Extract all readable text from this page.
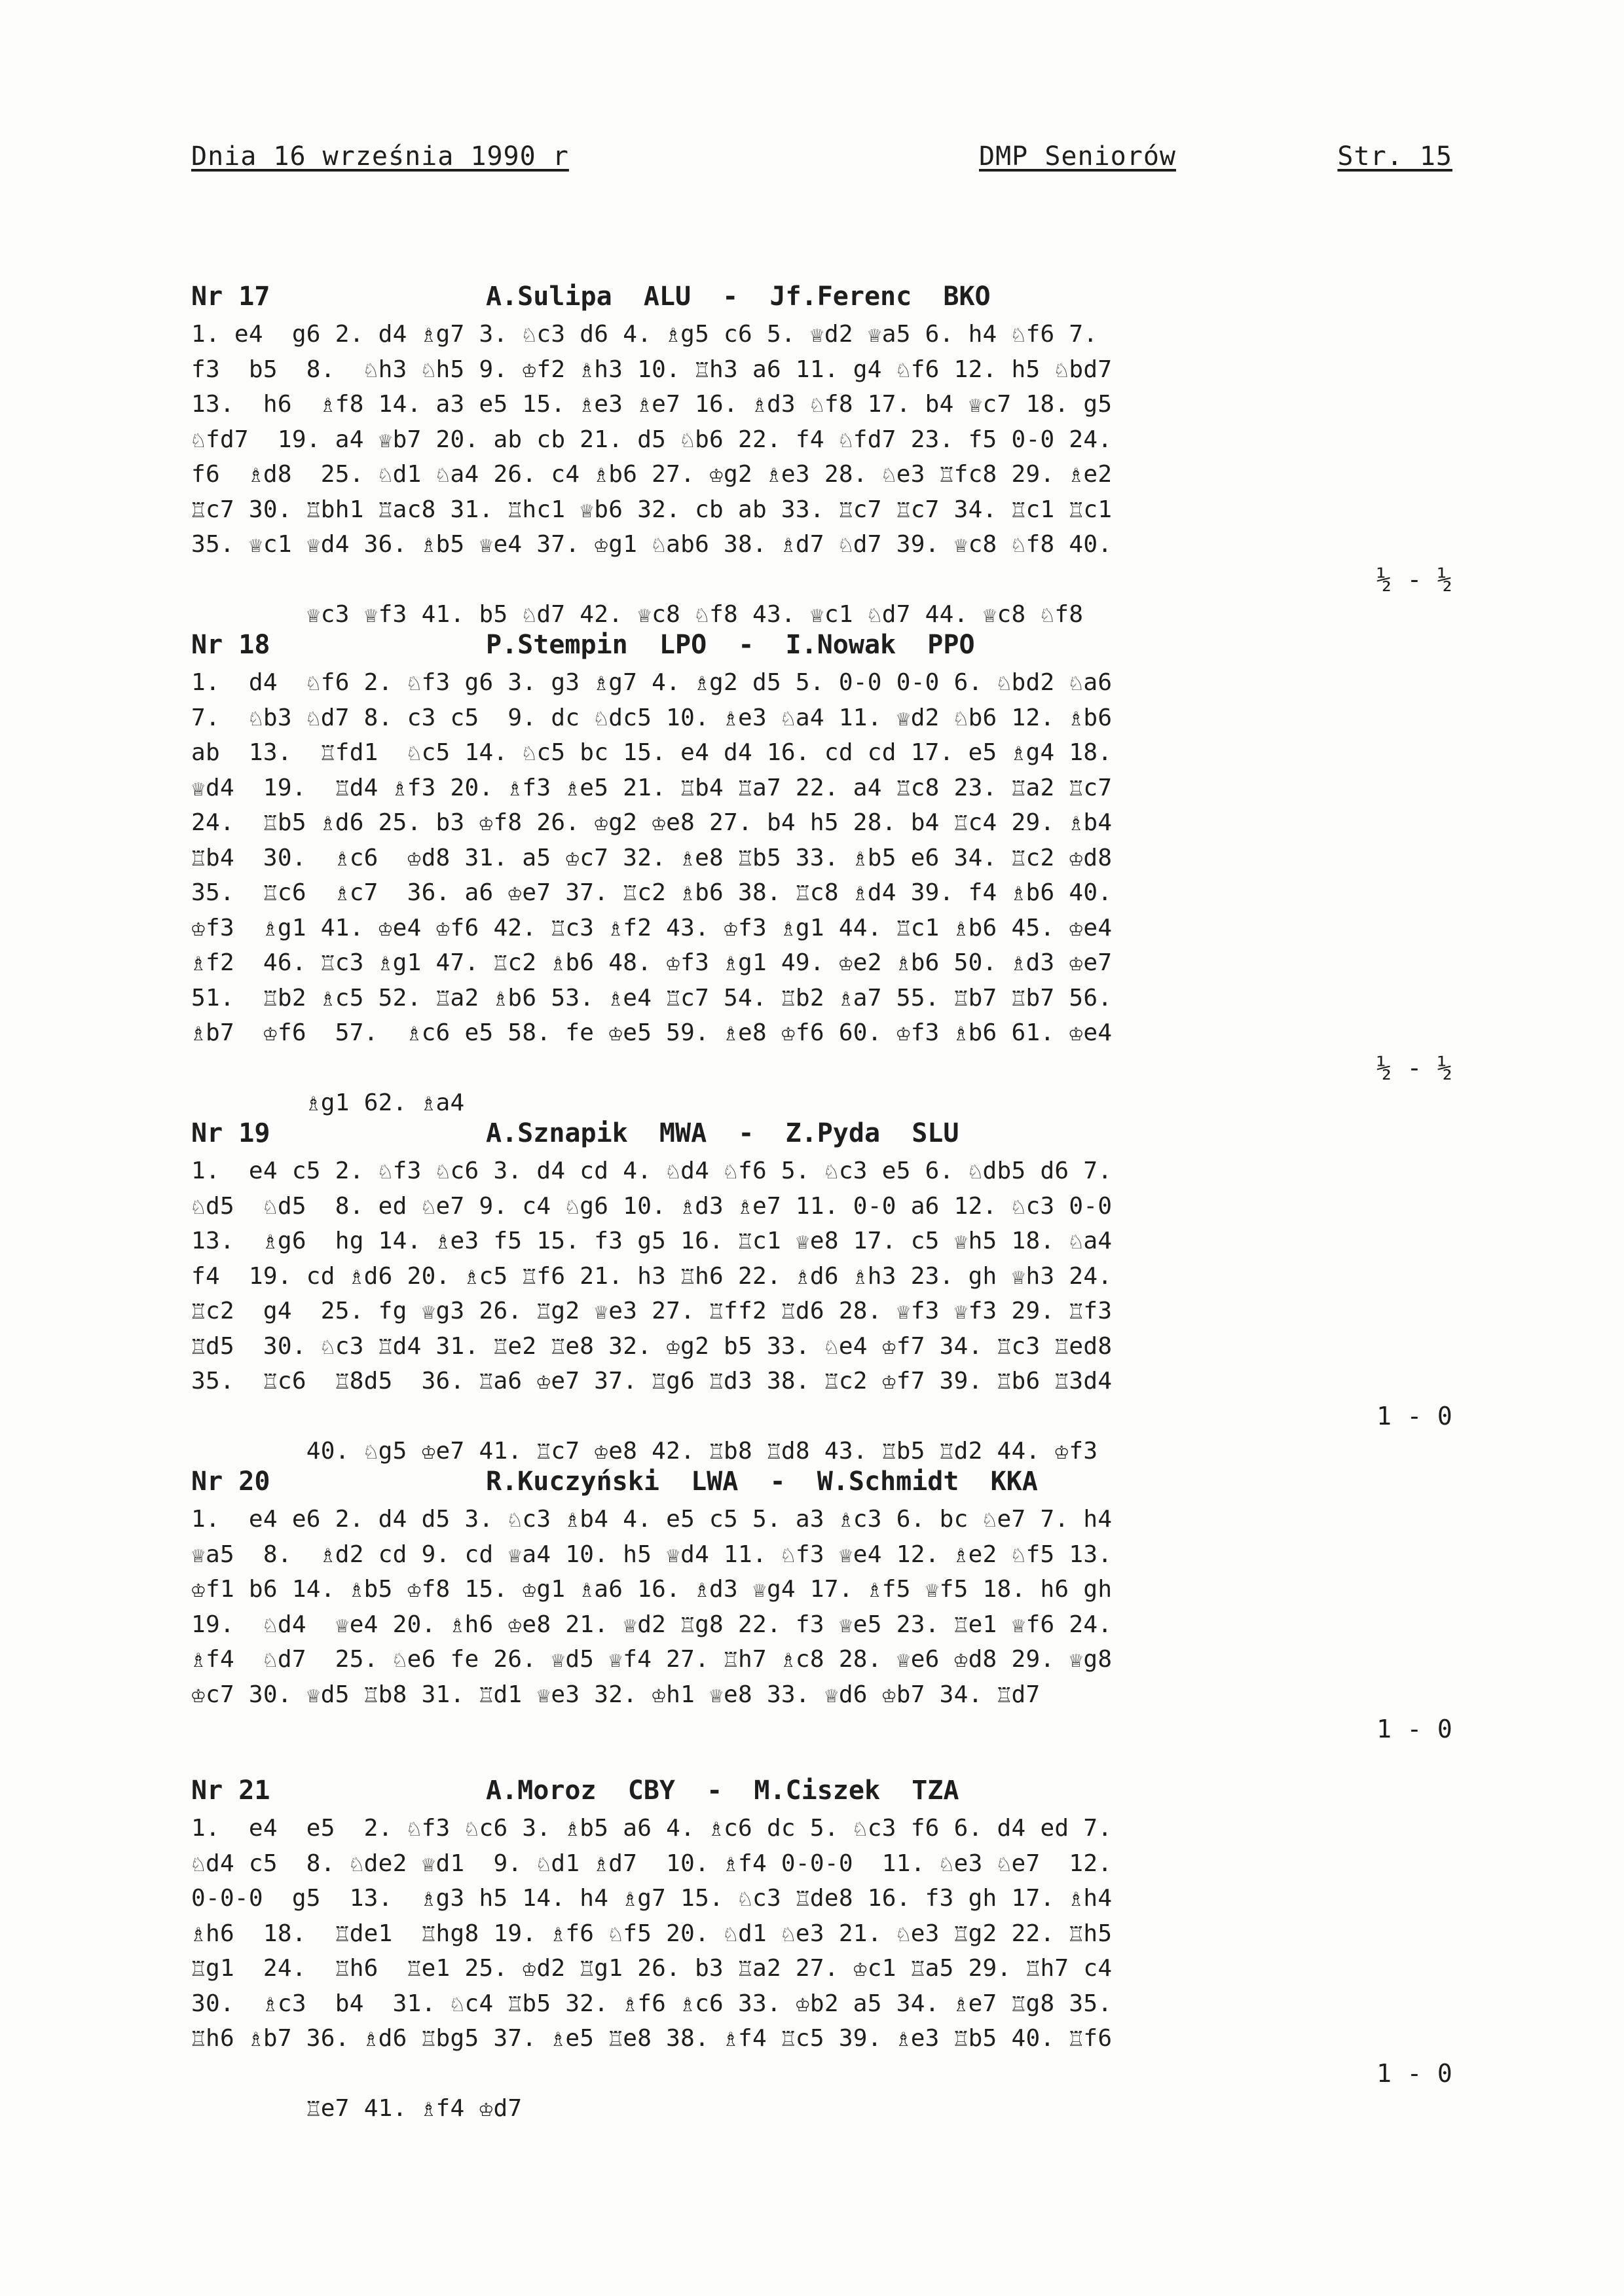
Dnia 16 września 1990 r	DMP Seniorów	Str. 15
Nr 17	A.Sulipa  ALU  -  Jf.Ferenc  BKO
1. e4  g6 2. d4 ♗g7 3. ♘c3 d6 4. ♗g5 c6 5. ♕d2 ♕a5 6. h4 ♘f6 7.
f3  b5  8.  ♘h3 ♘h5 9. ♔f2 ♗h3 10. ♖h3 a6 11. g4 ♘f6 12. h5 ♘bd7
13.  h6  ♗f8 14. a3 e5 15. ♗e3 ♗e7 16. ♗d3 ♘f8 17. b4 ♕c7 18. g5
♘fd7  19. a4 ♕b7 20. ab cb 21. d5 ♘b6 22. f4 ♘fd7 23. f5 0-0 24.
f6  ♗d8  25. ♘d1 ♘a4 26. c4 ♗b6 27. ♔g2 ♗e3 28. ♘e3 ♖fc8 29. ♗e2
♖c7 30. ♖bh1 ♖ac8 31. ♖hc1 ♕b6 32. cb ab 33. ♖c7 ♖c7 34. ♖c1 ♖c1
35. ♕c1 ♕d4 36. ♗b5 ♕e4 37. ♔g1 ♘ab6 38. ♗d7 ♘d7 39. ♕c8 ♘f8 40.

♕c3 ♕f3 41. b5 ♘d7 42. ♕c8 ♘f8 43. ♕c1 ♘d7 44. ♕c8 ♘f8

½ - ½

Nr 18	P.Stempin  LPO  -  I.Nowak  PPO
1.  d4  ♘f6 2. ♘f3 g6 3. g3 ♗g7 4. ♗g2 d5 5. 0-0 0-0 6. ♘bd2 ♘a6
7.  ♘b3 ♘d7 8. c3 c5  9. dc ♘dc5 10. ♗e3 ♘a4 11. ♕d2 ♘b6 12. ♗b6
ab  13.  ♖fd1  ♘c5 14. ♘c5 bc 15. e4 d4 16. cd cd 17. e5 ♗g4 18.
♕d4  19.  ♖d4 ♗f3 20. ♗f3 ♗e5 21. ♖b4 ♖a7 22. a4 ♖c8 23. ♖a2 ♖c7
24.  ♖b5 ♗d6 25. b3 ♔f8 26. ♔g2 ♔e8 27. b4 h5 28. b4 ♖c4 29. ♗b4
♖b4  30.  ♗c6  ♔d8 31. a5 ♔c7 32. ♗e8 ♖b5 33. ♗b5 e6 34. ♖c2 ♔d8
35.  ♖c6  ♗c7  36. a6 ♔e7 37. ♖c2 ♗b6 38. ♖c8 ♗d4 39. f4 ♗b6 40.
♔f3  ♗g1 41. ♔e4 ♔f6 42. ♖c3 ♗f2 43. ♔f3 ♗g1 44. ♖c1 ♗b6 45. ♔e4
♗f2  46. ♖c3 ♗g1 47. ♖c2 ♗b6 48. ♔f3 ♗g1 49. ♔e2 ♗b6 50. ♗d3 ♔e7
51.  ♖b2 ♗c5 52. ♖a2 ♗b6 53. ♗e4 ♖c7 54. ♖b2 ♗a7 55. ♖b7 ♖b7 56.
♗b7  ♔f6  57.  ♗c6 e5 58. fe ♔e5 59. ♗e8 ♔f6 60. ♔f3 ♗b6 61. ♔e4

♗g1 62. ♗a4

½ - ½

Nr 19	A.Sznapik  MWA  -  Z.Pyda  SLU
1.  e4 c5 2. ♘f3 ♘c6 3. d4 cd 4. ♘d4 ♘f6 5. ♘c3 e5 6. ♘db5 d6 7.
♘d5  ♘d5  8. ed ♘e7 9. c4 ♘g6 10. ♗d3 ♗e7 11. 0-0 a6 12. ♘c3 0-0
13.  ♗g6  hg 14. ♗e3 f5 15. f3 g5 16. ♖c1 ♕e8 17. c5 ♕h5 18. ♘a4
f4  19. cd ♗d6 20. ♗c5 ♖f6 21. h3 ♖h6 22. ♗d6 ♗h3 23. gh ♕h3 24.
♖c2  g4  25. fg ♕g3 26. ♖g2 ♕e3 27. ♖ff2 ♖d6 28. ♕f3 ♕f3 29. ♖f3
♖d5  30. ♘c3 ♖d4 31. ♖e2 ♖e8 32. ♔g2 b5 33. ♘e4 ♔f7 34. ♖c3 ♖ed8
35.  ♖c6  ♖8d5  36. ♖a6 ♔e7 37. ♖g6 ♖d3 38. ♖c2 ♔f7 39. ♖b6 ♖3d4

40. ♘g5 ♔e7 41. ♖c7 ♔e8 42. ♖b8 ♖d8 43. ♖b5 ♖d2 44. ♔f3

1 - 0

Nr 20	R.Kuczyński  LWA  -  W.Schmidt  KKA
1.  e4 e6 2. d4 d5 3. ♘c3 ♗b4 4. e5 c5 5. a3 ♗c3 6. bc ♘e7 7. h4
♕a5  8.  ♗d2 cd 9. cd ♕a4 10. h5 ♕d4 11. ♘f3 ♕e4 12. ♗e2 ♘f5 13.
♔f1 b6 14. ♗b5 ♔f8 15. ♔g1 ♗a6 16. ♗d3 ♕g4 17. ♗f5 ♕f5 18. h6 gh
19.  ♘d4  ♕e4 20. ♗h6 ♔e8 21. ♕d2 ♖g8 22. f3 ♕e5 23. ♖e1 ♕f6 24.
♗f4  ♘d7  25. ♘e6 fe 26. ♕d5 ♕f4 27. ♖h7 ♗c8 28. ♕e6 ♔d8 29. ♕g8
♔c7 30. ♕d5 ♖b8 31. ♖d1 ♕e3 32. ♔h1 ♕e8 33. ♕d6 ♔b7 34. ♖d7

1 - 0

Nr 21	A.Moroz  CBY  -  M.Ciszek  TZA
1.  e4  e5  2. ♘f3 ♘c6 3. ♗b5 a6 4. ♗c6 dc 5. ♘c3 f6 6. d4 ed 7.
♘d4 c5  8. ♘de2 ♕d1  9. ♘d1 ♗d7  10. ♗f4 0-0-0  11. ♘e3 ♘e7  12.
0-0-0  g5  13.  ♗g3 h5 14. h4 ♗g7 15. ♘c3 ♖de8 16. f3 gh 17. ♗h4
♗h6  18.  ♖de1  ♖hg8 19. ♗f6 ♘f5 20. ♘d1 ♘e3 21. ♘e3 ♖g2 22. ♖h5
♖g1  24.  ♖h6  ♖e1 25. ♔d2 ♖g1 26. b3 ♖a2 27. ♔c1 ♖a5 29. ♖h7 c4
30.  ♗c3  b4  31. ♘c4 ♖b5 32. ♗f6 ♗c6 33. ♔b2 a5 34. ♗e7 ♖g8 35.
♖h6 ♗b7 36. ♗d6 ♖bg5 37. ♗e5 ♖e8 38. ♗f4 ♖c5 39. ♗e3 ♖b5 40. ♖f6

♖e7 41. ♗f4 ♔d7

1 - 0
